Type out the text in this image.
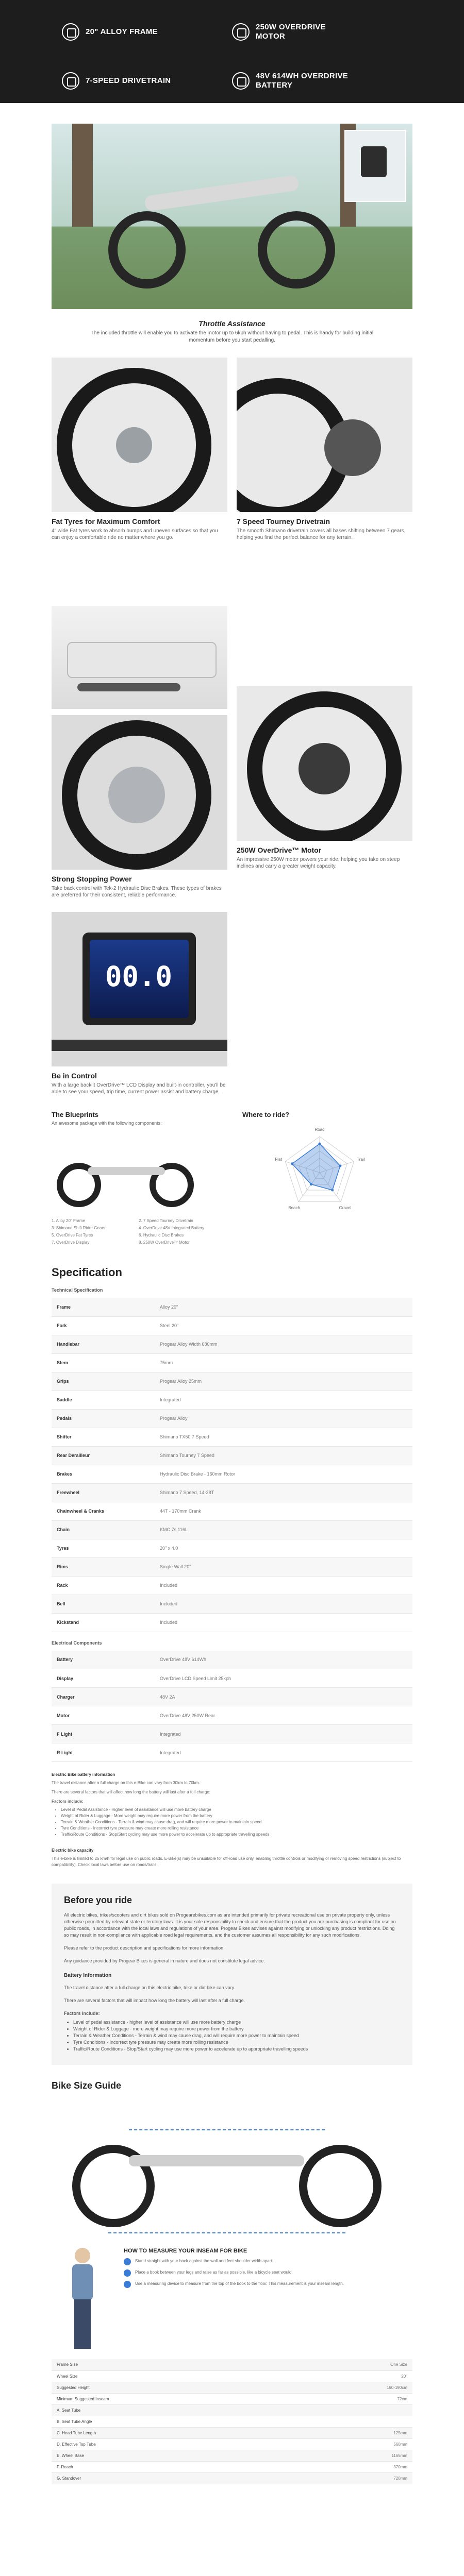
20" ALLOY FRAME
250W OVERDRIVE MOTOR
7-SPEED DRIVETRAIN
48V 614WH OVERDRIVE BATTERY
Throttle Assistance
The included throttle will enable you to activate the motor up to 6kph without having to pedal. This is handy for building initial momentum before you start pedalling.
Fat Tyres for Maximum Comfort
4" wide Fat tyres work to absorb bumps and uneven surfaces so that you can enjoy a comfortable ride no matter where you go.
7 Speed Tourney Drivetrain
The smooth Shimano drivetrain covers all bases shifting between 7 gears, helping you find the perfect balance for any terrain.
250W OverDrive™ Motor
An impressive 250W motor powers your ride, helping you take on steep inclines and carry a greater weight capacity.
Strong Stopping Power
Take back control with Tek-2 Hydraulic Disc Brakes. These types of brakes are preferred for their consistent, reliable performance.
00.0
Be in Control
With a large backlit OverDrive™ LCD Display and built-in controller, you'll be able to see your speed, trip time, current power assist and battery charge.
The Blueprints
An awesome package with the following components:
1. Alloy 20" Frame	2. 7 Speed Tourney Drivetrain
3. Shimano Shift Rider Gears	4. OverDrive 48V Integrated Battery
5. OverDrive Fat Tyres	6. Hydraulic Disc Brakes
7. OverDrive Display	8. 250W OverDrive™ Motor
Where to ride?
Road
Trail
Gravel
Beach
Flat
Specification
Technical Specification
Frame	Alloy 20"
Fork	Steel 20"
Handlebar	Progear Alloy Width 680mm
Stem	75mm
Grips	Progear Alloy 25mm
Saddle	Integrated
Pedals	Progear Alloy
Shifter	Shimano TX50 7 Speed
Rear Derailleur	Shimano Tourney 7 Speed
Brakes	Hydraulic Disc Brake - 160mm Rotor
Freewheel	Shimano 7 Speed, 14-28T
Chainwheel & Cranks	44T - 170mm Crank
Chain	KMC 7s 116L
Tyres	20" x 4.0
Rims	Single Wall 20"
Rack	Included
Bell	Included
Kickstand	Included
Electrical Components
Battery	OverDrive 48V 614Wh
Display	OverDrive LCD Speed Limit 25kph
Charger	48V 2A
Motor	OverDrive 48V 250W Rear
F Light	Integrated
R Light	Integrated
Electric Bike battery information
The travel distance after a full charge on this e-Bike can vary from 30km to 70km.
There are several factors that will affect how long the battery will last after a full charge:
Factors include:
• Level of Pedal Assistance - Higher level of assistance will use more battery charge
• Weight of Rider & Luggage - More weight may require more power from the battery
• Terrain & Weather Conditions - Terrain & wind may cause drag, and will require more power to maintain speed
• Tyre Conditions - Incorrect tyre pressure may create more rolling resistance
• Traffic/Route Conditions - Stop/Start cycling may use more power to accelerate up to appropriate travelling speeds
Electric bike capacity
This e-bike is limited to 25 km/h for legal use on public roads. E-Bike(s) may be unsuitable for off-road use only, enabling throttle controls or modifying or removing speed restrictions (subject to compatibility). Check local laws before use on roads/trails.
Before you ride
All electric bikes, trikes/scooters and dirt bikes sold on Progearebikes.com as are intended primarily for private recreational use on private property only, unless otherwise permitted by relevant state or territory laws. It is your sole responsibility to check and ensure that the product you are purchasing is compliant for use on public roads, in accordance with the local laws and regulations of your area. Progear Bikes advises against modifying or unlocking any product restrictions. Doing so may result in non-compliance with applicable road legal requirements, and the customer assumes all responsibility for any such modifications.
Please refer to the product description and specifications for more information.
Any guidance provided by Progear Bikes is general in nature and does not constitute legal advice.
Battery Information
The travel distance after a full charge on this electric bike, trike or dirt bike can vary.
There are several factors that will impact how long the battery will last after a full charge.
Factors include:
• Level of pedal assistance - higher level of assistance will use more battery charge
• Weight of Rider & Luggage - more weight may require more power from the battery
• Terrain & Weather Conditions - Terrain & wind may cause drag, and will require more power to maintain speed
• Tyre Conditions - Incorrect tyre pressure may create more rolling resistance
• Traffic/Route Conditions - Stop/Start cycling may use more power to accelerate up to appropriate travelling speeds
Bike Size Guide
HOW TO MEASURE YOUR INSEAM FOR BIKE
Stand straight with your back against the wall and feet shoulder width apart.
Place a book between your legs and raise as far as possible, like a bicycle seat would.
Use a measuring device to measure from the top of the book to the floor. This measurement is your inseam length.
Frame Size	One Size
Wheel Size	20"
Suggested Height	160-190cm
Minimum Suggested Inseam	72cm
A. Seat Tube	
B. Seat Tube Angle	
C. Head Tube Length	125mm
D. Effective Top Tube	560mm
E. Wheel Base	1165mm
F. Reach	370mm
G. Standover	720mm
